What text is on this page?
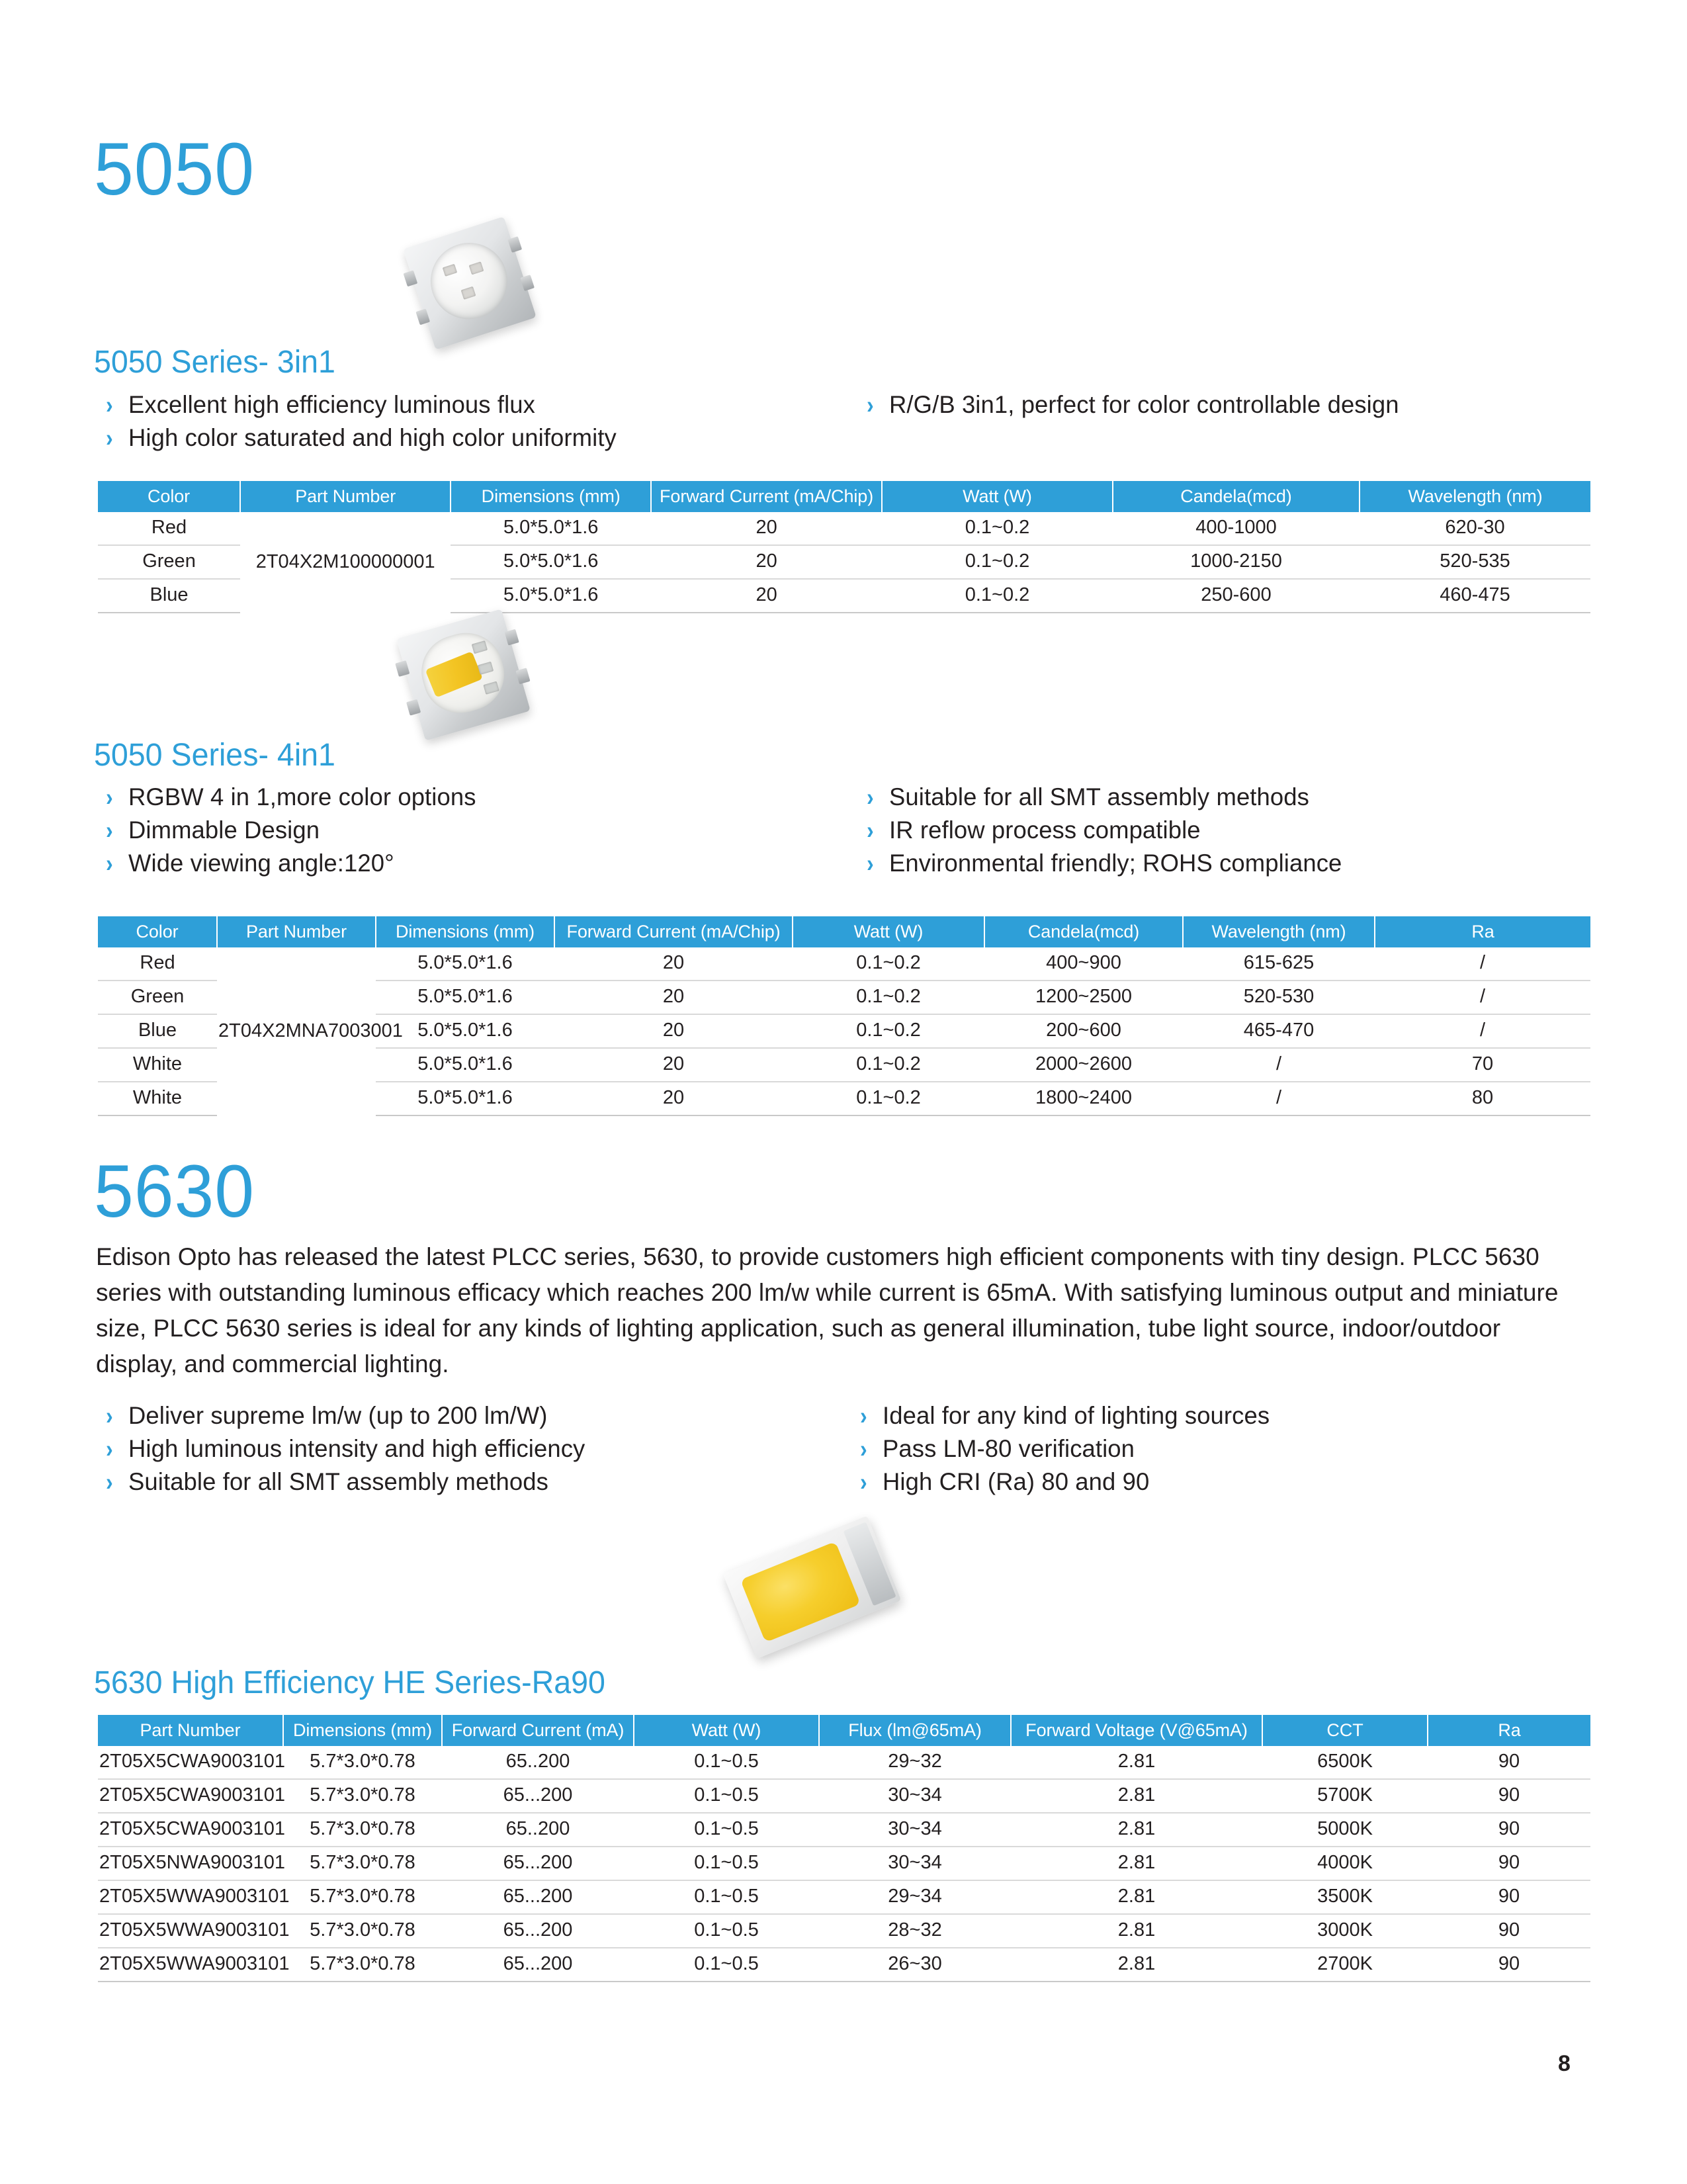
5050
5050 Series- 3in1
› Excellent high efficiency luminous flux
› High color saturated and high color uniformity
› R/G/B 3in1, perfect for color controllable design
Color	Part Number	Dimensions (mm)	Forward Current (mA/Chip)	Watt (W)	Candela(mcd)	Wavelength (nm)
Red	2T04X2M100000001	5.0*5.0*1.6	20	0.1~0.2	400-1000	620-30
Green		5.0*5.0*1.6	20	0.1~0.2	1000-2150	520-535
Blue		5.0*5.0*1.6	20	0.1~0.2	250-600	460-475
5050 Series- 4in1
› RGBW 4 in 1,more color options
› Dimmable Design
› Wide viewing angle:120°
› Suitable for all SMT assembly methods
› IR reflow process compatible
› Environmental friendly; ROHS compliance
Color	Part Number	Dimensions (mm)	Forward Current (mA/Chip)	Watt (W)	Candela(mcd)	Wavelength (nm)	Ra
Red	2T04X2MNA7003001	5.0*5.0*1.6	20	0.1~0.2	400~900	615-625	/
Green		5.0*5.0*1.6	20	0.1~0.2	1200~2500	520-530	/
Blue		5.0*5.0*1.6	20	0.1~0.2	200~600	465-470	/
White		5.0*5.0*1.6	20	0.1~0.2	2000~2600	/	70
White		5.0*5.0*1.6	20	0.1~0.2	1800~2400	/	80
5630
Edison Opto has released the latest PLCC series, 5630, to provide customers high efficient components with tiny design. PLCC 5630 series with outstanding luminous efficacy which reaches 200 lm/w while current is 65mA. With satisfying luminous output and miniature size, PLCC 5630 series is ideal for any kinds of lighting application, such as general illumination, tube light source, indoor/outdoor display, and commercial lighting.
› Deliver supreme lm/w (up to 200 lm/W)
› High luminous intensity and high efficiency
› Suitable for all SMT assembly methods
› Ideal for any kind of lighting sources
› Pass LM-80 verification
› High CRI (Ra) 80 and 90
5630 High Efficiency HE Series-Ra90
Part Number	Dimensions (mm)	Forward Current (mA)	Watt (W)	Flux (lm@65mA)	Forward Voltage (V@65mA)	CCT	Ra
2T05X5CWA9003101	5.7*3.0*0.78	65..200	0.1~0.5	29~32	2.81	6500K	90
2T05X5CWA9003101	5.7*3.0*0.78	65...200	0.1~0.5	30~34	2.81	5700K	90
2T05X5CWA9003101	5.7*3.0*0.78	65..200	0.1~0.5	30~34	2.81	5000K	90
2T05X5NWA9003101	5.7*3.0*0.78	65...200	0.1~0.5	30~34	2.81	4000K	90
2T05X5WWA9003101	5.7*3.0*0.78	65...200	0.1~0.5	29~34	2.81	3500K	90
2T05X5WWA9003101	5.7*3.0*0.78	65...200	0.1~0.5	28~32	2.81	3000K	90
2T05X5WWA9003101	5.7*3.0*0.78	65...200	0.1~0.5	26~30	2.81	2700K	90
8
